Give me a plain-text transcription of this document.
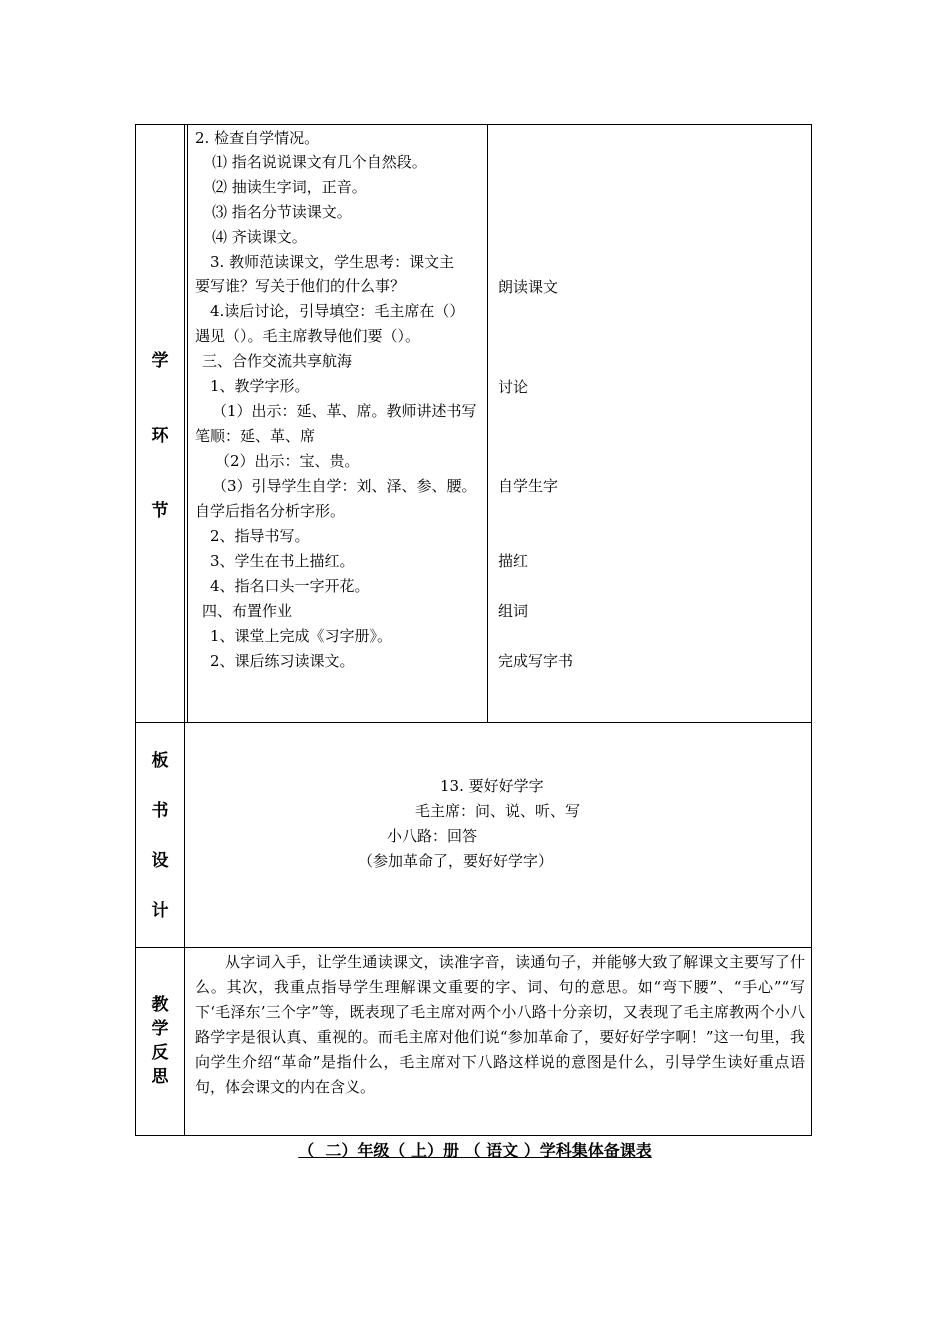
学
环
节
2. 检查自学情况。
⑴ 指名说说课文有几个自然段。
⑵ 抽读生字词，正音。
⑶ 指名分节读课文。
⑷ 齐读课文。
3. 教师范读课文，学生思考：课文主
要写谁？写关于他们的什么事？
4.读后讨论，引导填空：毛主席在（）
遇见（）。毛主席教导他们要（）。
三、合作交流共享航海
1、教学字形。
（1）出示：延、革、席。教师讲述书写
笔顺：延、革、席
（2）出示：宝、贵。
（3）引导学生自学：刘、泽、参、腰。
自学后指名分析字形。
2、指导书写。
3、学生在书上描红。
4、指名口头一字开花。
四、布置作业
1、课堂上完成《习字册》。
2、课后练习读课文。
朗读课文
讨论
自学生字
描红
组词
完成写字书
板
书
设
计
13. 要好好学字
毛主席：问、说、听、写
小八路：回答
（参加革命了，要好好学字）
教
学
反
思
从字词入手，让学生通读课文，读准字音，读通句子，并能够大致了解课文主要写了什么。其次，我重点指导学生理解课文重要的字、词、句的意思。如“弯下腰”、“手心”“写下‘毛泽东’三个字”等，既表现了毛主席对两个小八路十分亲切，又表现了毛主席教两个小八路学字是很认真、重视的。而毛主席对他们说“参加革命了，要好好学字啊！”这一句里，我向学生介绍“革命”是指什么，毛主席对下八路这样说的意图是什么，引导学生读好重点语句，体会课文的内在含义。
（  二）年级（ 上）册 （ 语文 ）学科集体备课表
